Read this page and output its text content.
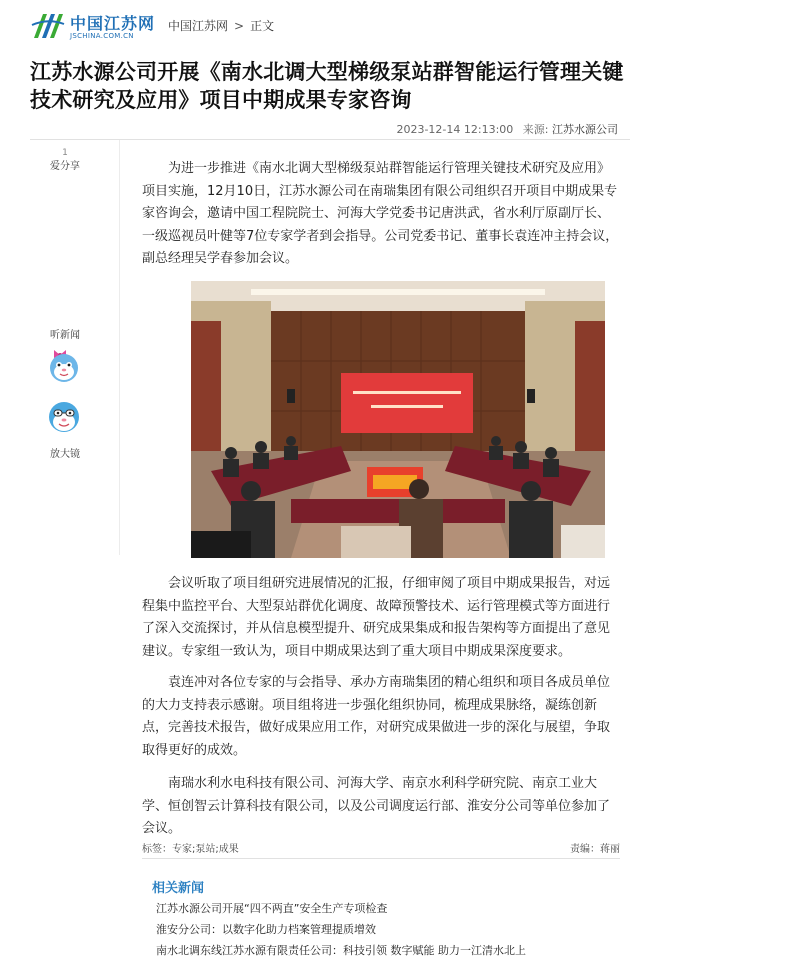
中国江苏网
JSCHINA.COM.CN
中国江苏网 > 正文
江苏水源公司开展《南水北调大型梯级泵站群智能运行管理关键技术研究及应用》项目中期成果专家咨询
2023-12-14 12:13:00 来源: 江苏水源公司
1
爱分享
听新闻
放大镜

为进一步推进《南水北调大型梯级泵站群智能运行管理关键技术研究及应用》项目实施，12月10日，江苏水源公司在南瑞集团有限公司组织召开项目中期成果专家咨询会，邀请中国工程院院士、河海大学党委书记唐洪武，省水利厅原副厅长、一级巡视员叶健等7位专家学者到会指导。公司党委书记、董事长袁连冲主持会议，副总经理吴学春参加会议。

会议听取了项目组研究进展情况的汇报，仔细审阅了项目中期成果报告，对远程集中监控平台、大型泵站群优化调度、故障预警技术、运行管理模式等方面进行了深入交流探讨，并从信息模型提升、研究成果集成和报告架构等方面提出了意见建议。专家组一致认为，项目中期成果达到了重大项目中期成果深度要求。

袁连冲对各位专家的与会指导、承办方南瑞集团的精心组织和项目各成员单位的大力支持表示感谢。项目组将进一步强化组织协同，梳理成果脉络，凝练创新点，完善技术报告，做好成果应用工作，对研究成果做进一步的深化与展望，争取取得更好的成效。

南瑞水利水电科技有限公司、河海大学、南京水利科学研究院、南京工业大学、恒创智云计算科技有限公司，以及公司调度运行部、淮安分公司等单位参加了会议。

标签：专家;泵站;成果	责编：蒋丽
相关新闻
江苏水源公司开展“四不两直”安全生产专项检查
淮安分公司：以数字化助力档案管理提质增效
南水北调东线江苏水源有限责任公司：科技引领 数字赋能 助力一江清水北上
